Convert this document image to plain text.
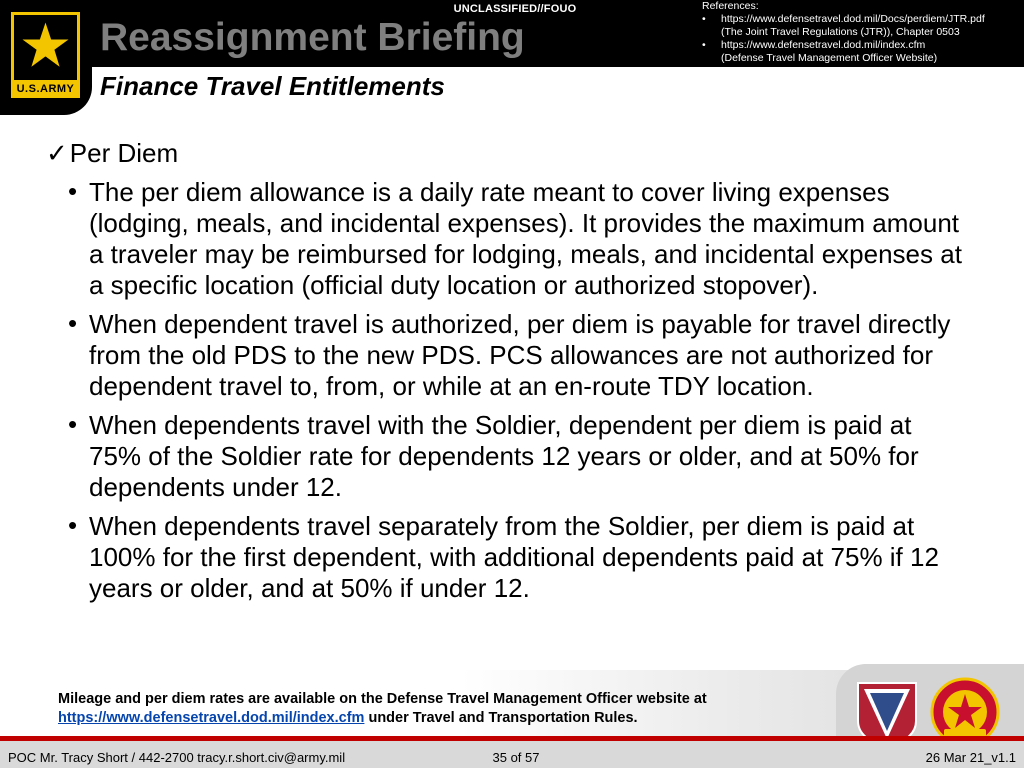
U.S.ARMY
UNCLASSIFIED//FOUO
Reassignment Briefing
References:
• https://www.defensetravel.dod.mil/Docs/perdiem/JTR.pdf
(The Joint Travel Regulations (JTR)), Chapter 0503
• https://www.defensetravel.dod.mil/index.cfm
(Defense Travel Management Officer Website)
Finance Travel Entitlements
✓Per Diem
• The per diem allowance is a daily rate meant to cover living expenses (lodging, meals, and incidental expenses). It provides the maximum amount a traveler may be reimbursed for lodging, meals, and incidental expenses at a specific location (official duty location or authorized stopover).
• When dependent travel is authorized, per diem is payable for travel directly from the old PDS to the new PDS. PCS allowances are not authorized for dependent travel to, from, or while at an en-route TDY location.
• When dependents travel with the Soldier, dependent per diem is paid at 75% of the Soldier rate for dependents 12 years or older, and at 50% for dependents under 12.
• When dependents travel separately from the Soldier, per diem is paid at 100% for the first dependent, with additional dependents paid at 75% if 12 years or older, and at 50% if under 12.
Mileage and per diem rates are available on the Defense Travel Management Officer website at
https://www.defensetravel.dod.mil/index.cfm under Travel and Transportation Rules.
POC Mr. Tracy Short / 442-2700 tracy.r.short.civ@army.mil	35 of 57	26 Mar 21_v1.1
